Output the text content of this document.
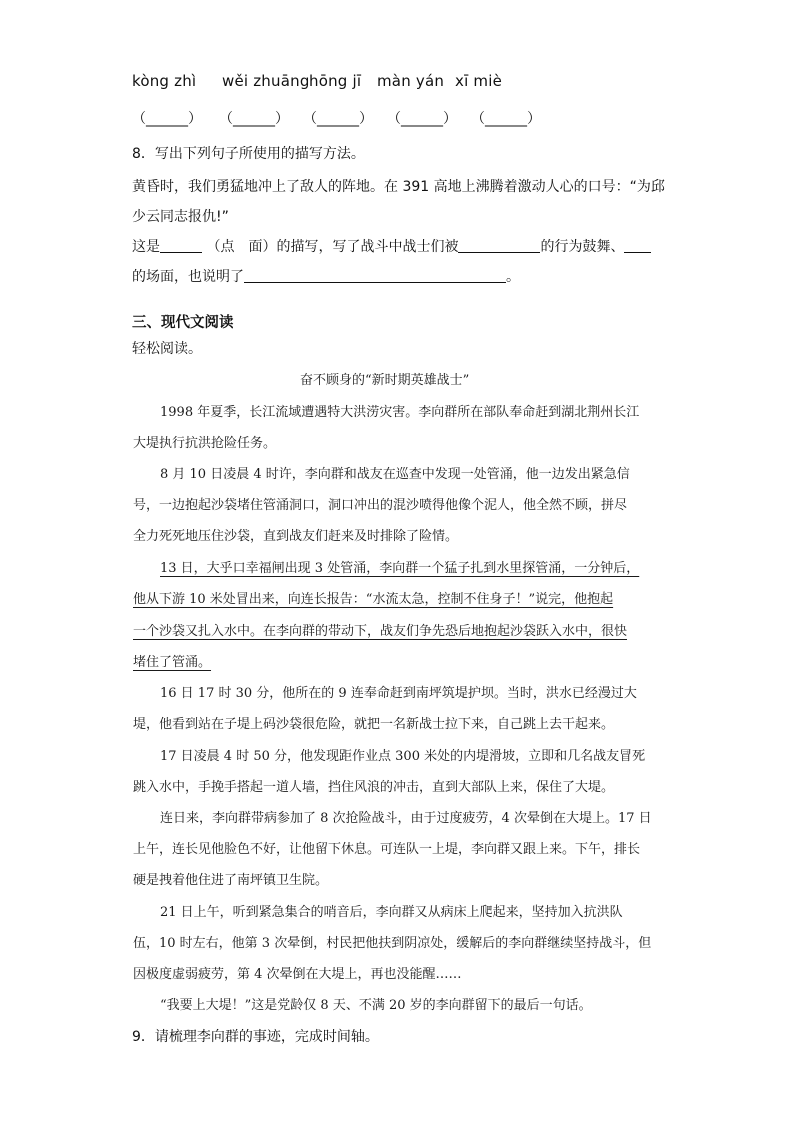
kòng zhì wěi zhuāng hōng jī màn yán xī miè
（______） （______） （______） （______） （______）
8．写出下列句子所使用的描写方法。
黄昏时，我们勇猛地冲上了敌人的阵地。在 391 高地上沸腾着激动人心的口号：“为邱
少云同志报仇!”
这是	（点　面）的描写，写了战斗中战士们被	的行为鼓舞、
的场面，也说明了	。
三、现代文阅读
轻松阅读。
奋不顾身的“新时期英雄战士”
1998 年夏季，长江流域遭遇特大洪涝灾害。李向群所在部队奉命赶到湖北荆州长江
大堤执行抗洪抢险任务。
8 月 10 日凌晨 4 时许，李向群和战友在巡查中发现一处管涌，他一边发出紧急信
号，一边抱起沙袋堵住管涌洞口，洞口冲出的混沙喷得他像个泥人，他全然不顾，拼尽
全力死死地压住沙袋，直到战友们赶来及时排除了险情。
13 日，大乎口幸福闸出现 3 处管涌，李向群一个猛子扎到水里探管涌，一分钟后，
他从下游 10 米处冒出来，向连长报告：“水流太急，控制不住身子！”说完，他抱起
一个沙袋又扎入水中。在李向群的带动下，战友们争先恐后地抱起沙袋跃入水中，很快
堵住了管涌。
16 日 17 时 30 分，他所在的 9 连奉命赶到南坪筑堤护坝。当时，洪水已经漫过大
堤，他看到站在子堤上码沙袋很危险，就把一名新战士拉下来，自己跳上去干起来。
17 日凌晨 4 时 50 分，他发现距作业点 300 米处的内堤滑坡，立即和几名战友冒死
跳入水中，手挽手搭起一道人墙，挡住风浪的冲击，直到大部队上来，保住了大堤。
连日来，李向群带病参加了 8 次抢险战斗，由于过度疲劳，4 次晕倒在大堤上。17 日
上午，连长见他脸色不好，让他留下休息。可连队一上堤，李向群又跟上来。下午，排长
硬是拽着他住进了南坪镇卫生院。
21 日上午，听到紧急集合的哨音后，李向群又从病床上爬起来，坚持加入抗洪队
伍，10 时左右，他第 3 次晕倒，村民把他扶到阴凉处，缓解后的李向群继续坚持战斗，但
因极度虚弱疲劳，第 4 次晕倒在大堤上，再也没能醒……
“我要上大堤！”这是党龄仅 8 天、不满 20 岁的李向群留下的最后一句话。
9．请梳理李向群的事迹，完成时间轴。
